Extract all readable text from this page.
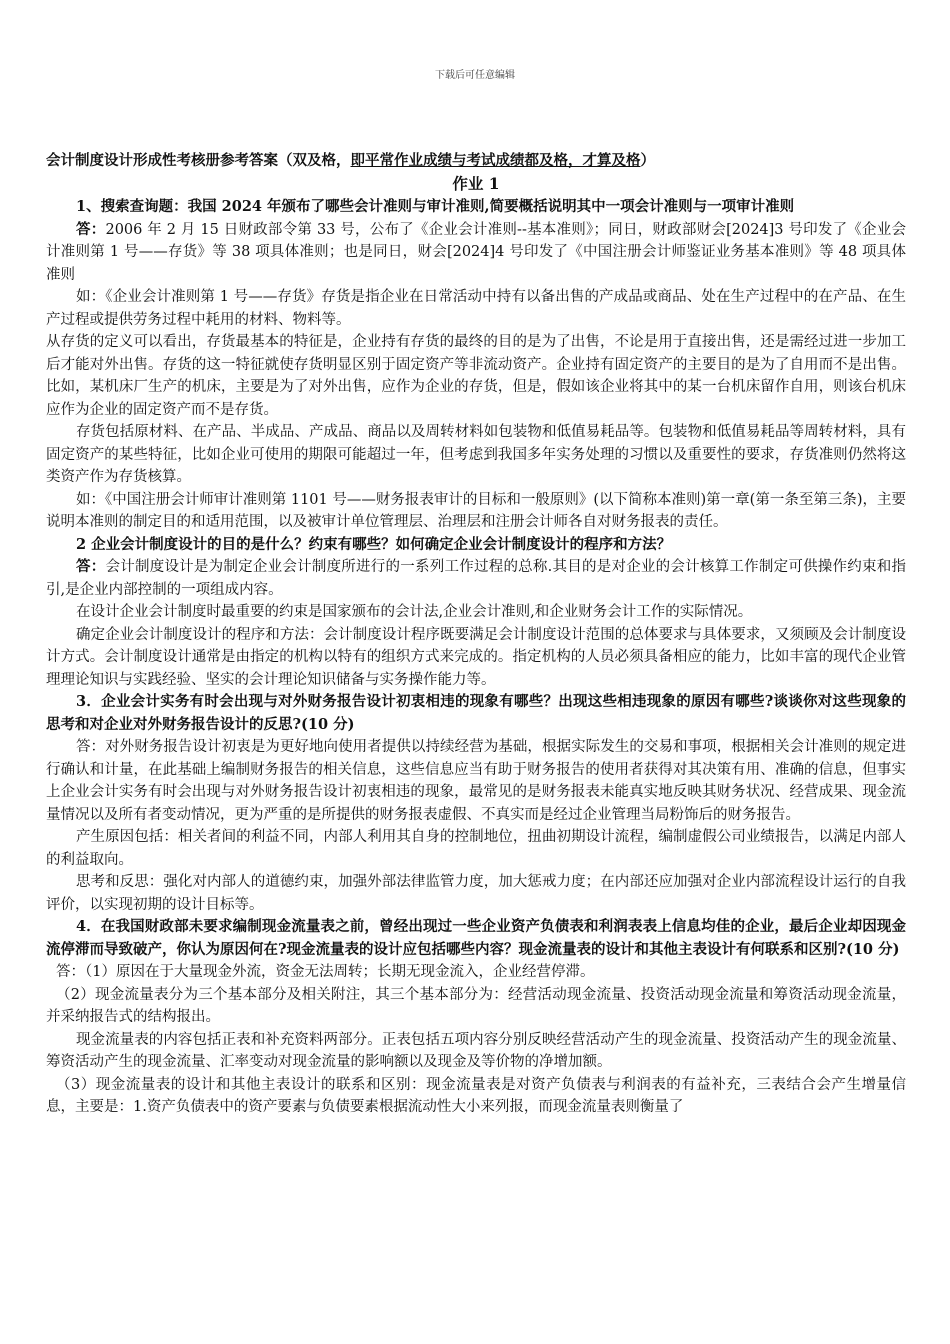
下载后可任意编辑

会计制度设计形成性考核册参考答案（双及格，即平常作业成绩与考试成绩都及格，才算及格）

作业 1

1、搜索查询题：我国 2024 年颁布了哪些会计准则与审计准则,简要概括说明其中一项会计准则与一项审计准则

答：2006 年 2 月 15 日财政部令第 33 号，公布了《企业会计准则--基本准则》；同日，财政部财会[2024]3 号印发了《企业会计准则第 1 号——存货》等 38 项具体准则；也是同日，财会[2024]4 号印发了《中国注册会计师鉴证业务基本准则》等 48 项具体准则

如：《企业会计准则第 1 号——存货》存货是指企业在日常活动中持有以备出售的产成品或商品、处在生产过程中的在产品、在生产过程或提供劳务过程中耗用的材料、物料等。

从存货的定义可以看出，存货最基本的特征是，企业持有存货的最终的目的是为了出售，不论是用于直接出售，还是需经过进一步加工后才能对外出售。存货的这一特征就使存货明显区别于固定资产等非流动资产。企业持有固定资产的主要目的是为了自用而不是出售。比如，某机床厂生产的机床，主要是为了对外出售，应作为企业的存货，但是，假如该企业将其中的某一台机床留作自用，则该台机床应作为企业的固定资产而不是存货。

存货包括原材料、在产品、半成品、产成品、商品以及周转材料如包装物和低值易耗品等。包装物和低值易耗品等周转材料，具有固定资产的某些特征，比如企业可使用的期限可能超过一年，但考虑到我国多年实务处理的习惯以及重要性的要求，存货准则仍然将这类资产作为存货核算。

如：《中国注册会计师审计准则第 1101 号——财务报表审计的目标和一般原则》(以下简称本准则)第一章(第一条至第三条)，主要说明本准则的制定目的和适用范围，以及被审计单位管理层、治理层和注册会计师各自对财务报表的责任。

2 企业会计制度设计的目的是什么？约束有哪些？如何确定企业会计制度设计的程序和方法？

答：会计制度设计是为制定企业会计制度所进行的一系列工作过程的总称.其目的是对企业的会计核算工作制定可供操作约束和指引,是企业内部控制的一项组成内容。

在设计企业会计制度时最重要的约束是国家颁布的会计法,企业会计准则,和企业财务会计工作的实际情况。

确定企业会计制度设计的程序和方法：会计制度设计程序既要满足会计制度设计范围的总体要求与具体要求，又须顾及会计制度设计方式。会计制度设计通常是由指定的机构以特有的组织方式来完成的。指定机构的人员必须具备相应的能力，比如丰富的现代企业管理理论知识与实践经验、坚实的会计理论知识储备与实务操作能力等。

3．企业会计实务有时会出现与对外财务报告设计初衷相违的现象有哪些？出现这些相违现象的原因有哪些?谈谈你对这些现象的思考和对企业对外财务报告设计的反思?(10 分)

答：对外财务报告设计初衷是为更好地向使用者提供以持续经营为基础，根据实际发生的交易和事项，根据相关会计准则的规定进行确认和计量，在此基础上编制财务报告的相关信息，这些信息应当有助于财务报告的使用者获得对其决策有用、准确的信息，但事实上企业会计实务有时会出现与对外财务报告设计初衷相违的现象，最常见的是财务报表未能真实地反映其财务状况、经营成果、现金流量情况以及所有者变动情况，更为严重的是所提供的财务报表虚假、不真实而是经过企业管理当局粉饰后的财务报告。

产生原因包括：相关者间的利益不同，内部人利用其自身的控制地位，扭曲初期设计流程，编制虚假公司业绩报告，以满足内部人的利益取向。

思考和反思：强化对内部人的道德约束，加强外部法律监管力度，加大惩戒力度；在内部还应加强对企业内部流程设计运行的自我评价，以实现初期的设计目标等。

4．在我国财政部未要求编制现金流量表之前，曾经出现过一些企业资产负债表和利润表表上信息均佳的企业，最后企业却因现金流停滞而导致破产，你认为原因何在?现金流量表的设计应包括哪些内容？现金流量表的设计和其他主表设计有何联系和区别?(10 分)

答：（1）原因在于大量现金外流，资金无法周转；长期无现金流入，企业经营停滞。

（2）现金流量表分为三个基本部分及相关附注，其三个基本部分为：经营活动现金流量、投资活动现金流量和筹资活动现金流量，并采纳报告式的结构报出。

现金流量表的内容包括正表和补充资料两部分。正表包括五项内容分别反映经营活动产生的现金流量、投资活动产生的现金流量、筹资活动产生的现金流量、汇率变动对现金流量的影响额以及现金及等价物的净增加额。

（3）现金流量表的设计和其他主表设计的联系和区别：现金流量表是对资产负债表与利润表的有益补充，三表结合会产生增量信息，主要是：1.资产负债表中的资产要素与负债要素根据流动性大小来列报，而现金流量表则衡量了
